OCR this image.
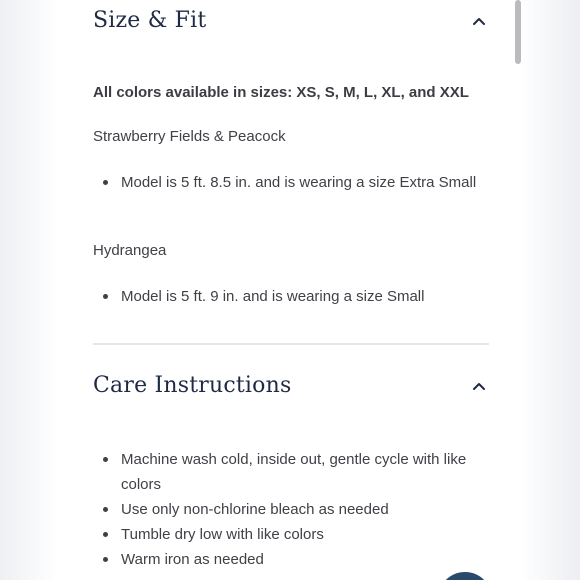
Size & Fit
All colors available in sizes: XS, S, M, L, XL, and XXL
Strawberry Fields & Peacock
Model is 5 ft. 8.5 in. and is wearing a size Extra Small
Hydrangea
Model is 5 ft. 9 in. and is wearing a size Small
Care Instructions
Machine wash cold, inside out, gentle cycle with like colors
Use only non-chlorine bleach as needed
Tumble dry low with like colors
Warm iron as needed
